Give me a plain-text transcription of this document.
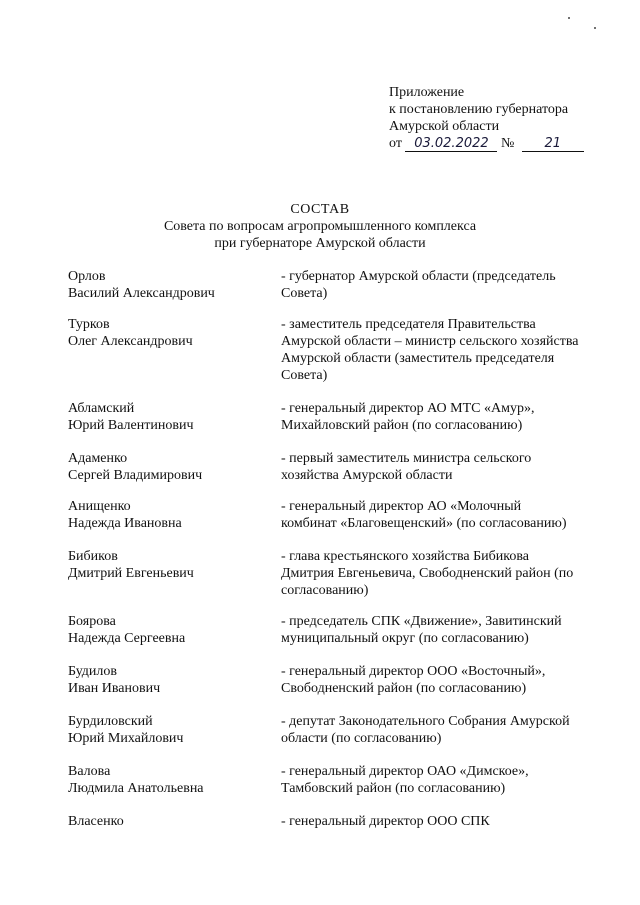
Приложение
к постановлению губернатора
Амурской области
от 03.02.2022 № 21
СОСТАВ
Совета по вопросам агропромышленного комплекса
при губернаторе Амурской области
Орлов
Василий Александрович
- губернатор Амурской области (председатель
Совета)
Турков
Олег Александрович
- заместитель председателя Правительства
Амурской области – министр сельского хозяйства
Амурской области (заместитель председателя
Совета)
Абламский
Юрий Валентинович
- генеральный директор АО МТС «Амур»,
Михайловский район (по согласованию)
Адаменко
Сергей Владимирович
- первый заместитель министра сельского
хозяйства Амурской области
Анищенко
Надежда Ивановна
- генеральный директор АО «Молочный
комбинат «Благовещенский» (по согласованию)
Бибиков
Дмитрий Евгеньевич
- глава крестьянского хозяйства Бибикова
Дмитрия Евгеньевича, Свободненский район (по
согласованию)
Боярова
Надежда Сергеевна
- председатель СПК «Движение», Завитинский
муниципальный округ (по согласованию)
Будилов
Иван Иванович
- генеральный директор ООО «Восточный»,
Свободненский район (по согласованию)
Бурдиловский
Юрий Михайлович
- депутат Законодательного Собрания Амурской
области (по согласованию)
Валова
Людмила Анатольевна
- генеральный директор ОАО «Димское»,
Тамбовский район (по согласованию)
Власенко	- генеральный директор ООО СПК
